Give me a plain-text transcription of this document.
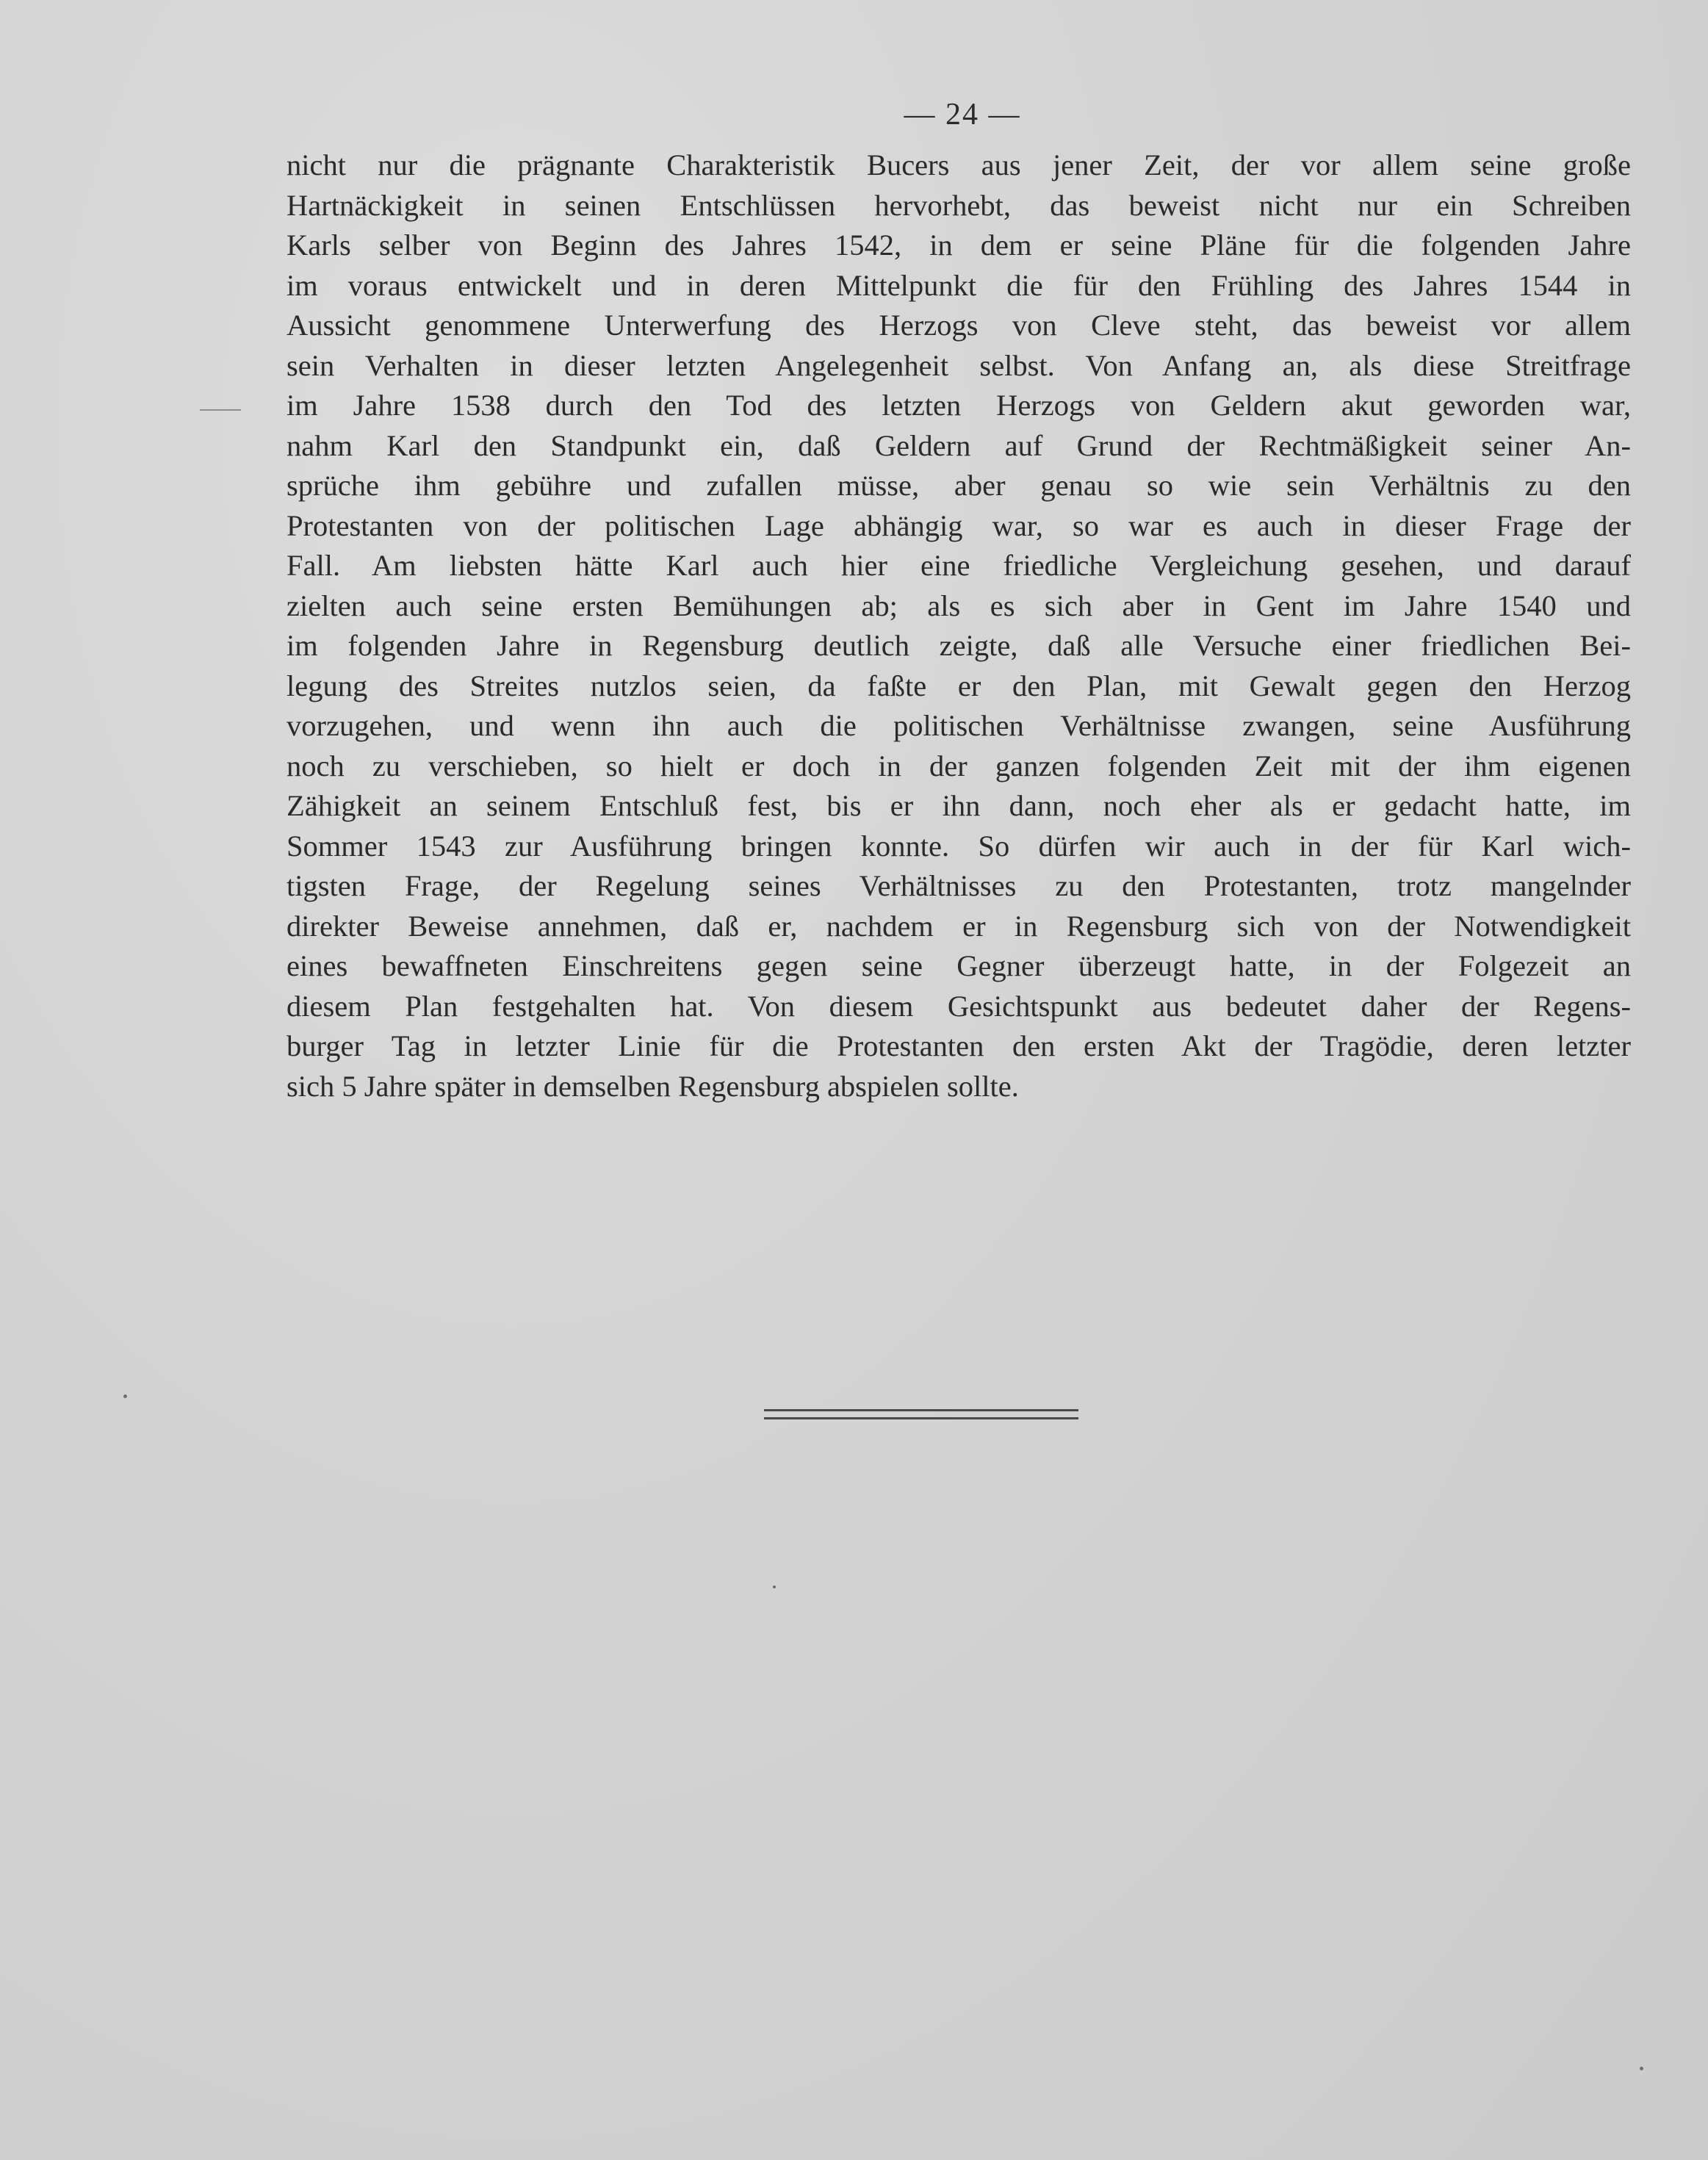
— 24 —
nicht nur die prägnante Charakteristik Bucers aus jener Zeit, der vor allem seine große
Hartnäckigkeit in seinen Entschlüssen hervorhebt, das beweist nicht nur ein Schreiben
Karls selber von Beginn des Jahres 1542, in dem er seine Pläne für die folgenden Jahre
im voraus entwickelt und in deren Mittelpunkt die für den Frühling des Jahres 1544 in
Aussicht genommene Unterwerfung des Herzogs von Cleve steht, das beweist vor allem
sein Verhalten in dieser letzten Angelegenheit selbst. Von Anfang an, als diese Streitfrage
im Jahre 1538 durch den Tod des letzten Herzogs von Geldern akut geworden war,
nahm Karl den Standpunkt ein, daß Geldern auf Grund der Rechtmäßigkeit seiner An-
sprüche ihm gebühre und zufallen müsse, aber genau so wie sein Verhältnis zu den
Protestanten von der politischen Lage abhängig war, so war es auch in dieser Frage der
Fall. Am liebsten hätte Karl auch hier eine friedliche Vergleichung gesehen, und darauf
zielten auch seine ersten Bemühungen ab; als es sich aber in Gent im Jahre 1540 und
im folgenden Jahre in Regensburg deutlich zeigte, daß alle Versuche einer friedlichen Bei-
legung des Streites nutzlos seien, da faßte er den Plan, mit Gewalt gegen den Herzog
vorzugehen, und wenn ihn auch die politischen Verhältnisse zwangen, seine Ausführung
noch zu verschieben, so hielt er doch in der ganzen folgenden Zeit mit der ihm eigenen
Zähigkeit an seinem Entschluß fest, bis er ihn dann, noch eher als er gedacht hatte, im
Sommer 1543 zur Ausführung bringen konnte. So dürfen wir auch in der für Karl wich-
tigsten Frage, der Regelung seines Verhältnisses zu den Protestanten, trotz mangelnder
direkter Beweise annehmen, daß er, nachdem er in Regensburg sich von der Notwendigkeit
eines bewaffneten Einschreitens gegen seine Gegner überzeugt hatte, in der Folgezeit an
diesem Plan festgehalten hat. Von diesem Gesichtspunkt aus bedeutet daher der Regens-
burger Tag in letzter Linie für die Protestanten den ersten Akt der Tragödie, deren letzter
sich 5 Jahre später in demselben Regensburg abspielen sollte.
